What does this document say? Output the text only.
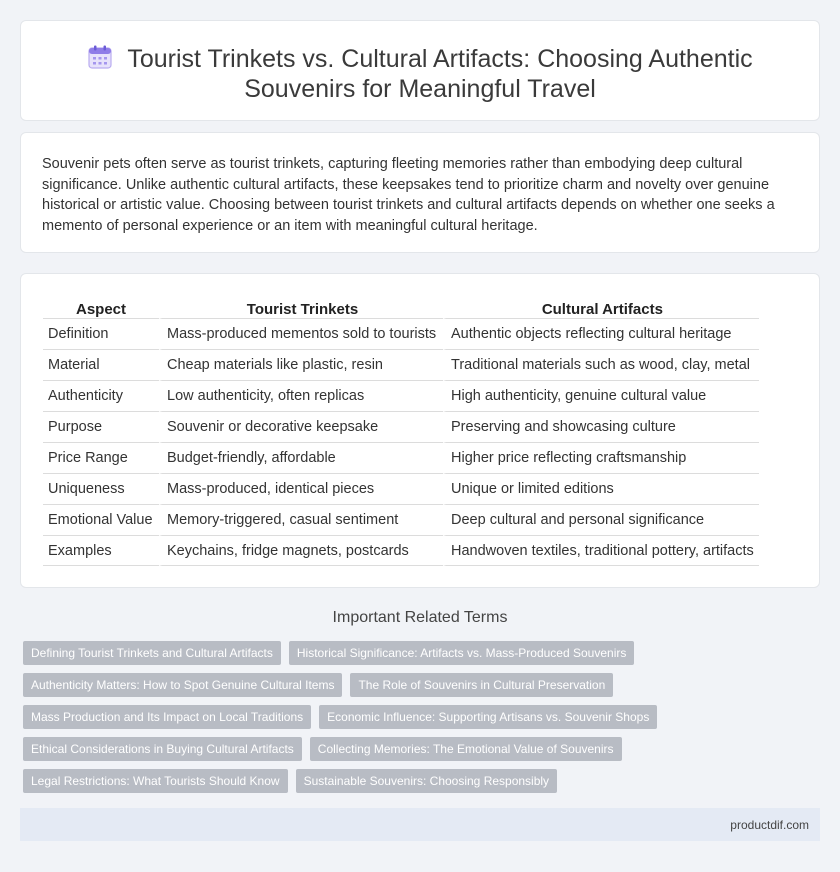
Tourist Trinkets vs. Cultural Artifacts: Choosing Authentic
Souvenirs for Meaningful Travel

Souvenir pets often serve as tourist trinkets, capturing fleeting memories rather than embodying deep cultural significance. Unlike authentic cultural artifacts, these keepsakes tend to prioritize charm and novelty over genuine historical or artistic value. Choosing between tourist trinkets and cultural artifacts depends on whether one seeks a memento of personal experience or an item with meaningful cultural heritage.

Aspect	Tourist Trinkets	Cultural Artifacts
Definition	Mass-produced mementos sold to tourists	Authentic objects reflecting cultural heritage
Material	Cheap materials like plastic, resin	Traditional materials such as wood, clay, metal
Authenticity	Low authenticity, often replicas	High authenticity, genuine cultural value
Purpose	Souvenir or decorative keepsake	Preserving and showcasing culture
Price Range	Budget-friendly, affordable	Higher price reflecting craftsmanship
Uniqueness	Mass-produced, identical pieces	Unique or limited editions
Emotional Value	Memory-triggered, casual sentiment	Deep cultural and personal significance
Examples	Keychains, fridge magnets, postcards	Handwoven textiles, traditional pottery, artifacts
Important Related Terms
Defining Tourist Trinkets and Cultural Artifacts	Historical Significance: Artifacts vs. Mass-Produced Souvenirs
Authenticity Matters: How to Spot Genuine Cultural Items	The Role of Souvenirs in Cultural Preservation
Mass Production and Its Impact on Local Traditions	Economic Influence: Supporting Artisans vs. Souvenir Shops
Ethical Considerations in Buying Cultural Artifacts	Collecting Memories: The Emotional Value of Souvenirs
Legal Restrictions: What Tourists Should Know	Sustainable Souvenirs: Choosing Responsibly
productdif.com
